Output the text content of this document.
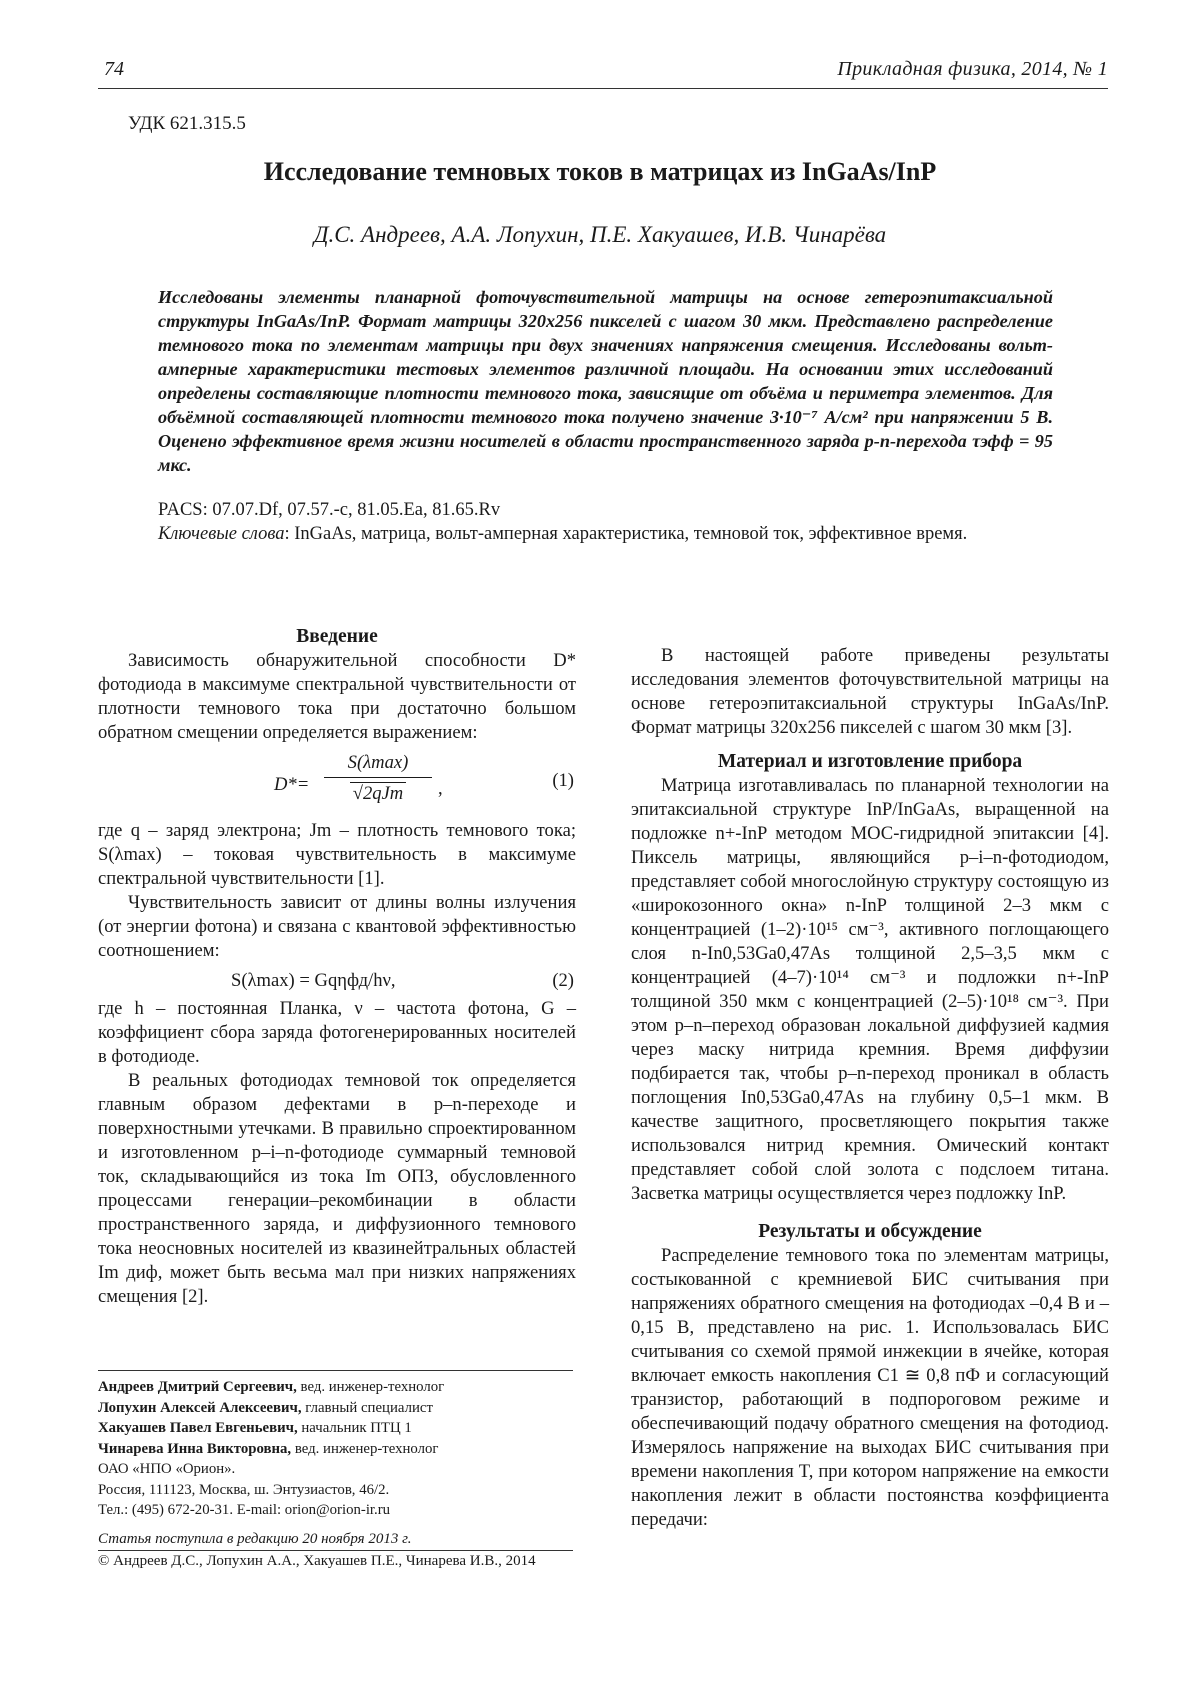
74	Прикладная физика, 2014, № 1
УДК 621.315.5
Исследование темновых токов в матрицах из InGaAs/InP
Д.С. Андреев, А.А. Лопухин, П.Е. Хакуашев, И.В. Чинарёва
Исследованы элементы планарной фоточувствительной матрицы на основе гетероэпитаксиальной структуры InGaAs/InP. Формат матрицы 320x256 пикселей с шагом 30 мкм. Представлено распределение темнового тока по элементам матрицы при двух значениях напряжения смещения. Исследованы вольт-амперные характеристики тестовых элементов различной площади. На основании этих исследований определены составляющие плотности темнового тока, зависящие от объёма и периметра элементов. Для объёмной составляющей плотности темнового тока получено значение 3·10⁻⁷ А/см² при напряжении 5 В. Оценено эффективное время жизни носителей в области пространственного заряда p-n-перехода τэфф = 95 мкс.
PACS: 07.07.Df, 07.57.-c, 81.05.Ea, 81.65.Rv
Ключевые слова: InGaAs, матрица, вольт-амперная характеристика, темновой ток, эффективное время.

Введение

Зависимость обнаружительной способности D* фотодиода в максимуме спектральной чувствительности от плотности темнового тока при достаточно большом обратном смещении определяется выражением:

D*=
S(λmax)
√2qJm	,	(1)

где q – заряд электрона; Jm – плотность темнового тока; S(λmax) – токовая чувствительность в максимуме спектральной чувствительности [1].

Чувствительность зависит от длины волны излучения (от энергии фотона) и связана с квантовой эффективностью соотношением:

S(λmax) = Gqηфд/hν,	(2)

где h – постоянная Планка, ν – частота фотона, G – коэффициент сбора заряда фотогенерированных носителей в фотодиоде.

В реальных фотодиодах темновой ток определяется главным образом дефектами в p–n-переходе и поверхностными утечками. В правильно спроектированном и изготовленном p–i–n-фотодиоде суммарный темновой ток, складывающийся из тока Im ОПЗ, обусловленного процессами генерации–рекомбинации в области пространственного заряда, и диффузионного темнового тока неосновных носителей из квазинейтральных областей Im диф, может быть весьма мал при низких напряжениях смещения [2].

В настоящей работе приведены результаты исследования элементов фоточувствительной матрицы на основе гетероэпитаксиальной структуры InGaAs/InP. Формат матрицы 320x256 пикселей с шагом 30 мкм [3].

Материал и изготовление прибора

Матрица изготавливалась по планарной технологии на эпитаксиальной структуре InP/InGaAs, выращенной на подложке n+-InP методом МОС-гидридной эпитаксии [4]. Пиксель матрицы, являющийся p–i–n-фотодиодом, представляет собой многослойную структуру состоящую из «широкозонного окна» n-InP толщиной 2–3 мкм с концентрацией (1–2)·10¹⁵ см⁻³, активного поглощающего слоя n-In0,53Ga0,47As толщиной 2,5–3,5 мкм с концентрацией (4–7)·10¹⁴ см⁻³ и подложки n+-InP толщиной 350 мкм с концентрацией (2–5)·10¹⁸ см⁻³. При этом p–n–переход образован локальной диффузией кадмия через маску нитрида кремния. Время диффузии подбирается так, чтобы p–n-переход проникал в область поглощения In0,53Ga0,47As на глубину 0,5–1 мкм. В качестве защитного, просветляющего покрытия также использовался нитрид кремния. Омический контакт представляет собой слой золота с подслоем титана. Засветка матрицы осуществляется через подложку InP.

Результаты и обсуждение

Распределение темнового тока по элементам матрицы, состыкованной с кремниевой БИС считывания при напряжениях обратного смещения на фотодиодах –0,4 В и –0,15 В, представлено на рис. 1. Использовалась БИС считывания со схемой прямой инжекции в ячейке, которая включает емкость накопления C1 ≅ 0,8 пФ и согласующий транзистор, работающий в подпороговом режиме и обеспечивающий подачу обратного смещения на фотодиод. Измерялось напряжение на выходах БИС считывания при времени накопления T, при котором напряжение на емкости накопления лежит в области постоянства коэффициента передачи:

Андреев Дмитрий Сергеевич, вед. инженер-технолог
Лопухин Алексей Алексеевич, главный специалист
Хакуашев Павел Евгеньевич, начальник ПТЦ 1
Чинарева Инна Викторовна, вед. инженер-технолог
ОАО «НПО «Орион».
Россия, 111123, Москва, ш. Энтузиастов, 46/2.
Тел.: (495) 672-20-31. E-mail: orion@orion-ir.ru
Статья поступила в редакцию 20 ноября 2013 г.
© Андреев Д.С., Лопухин А.А., Хакуашев П.Е., Чинарева И.В., 2014
